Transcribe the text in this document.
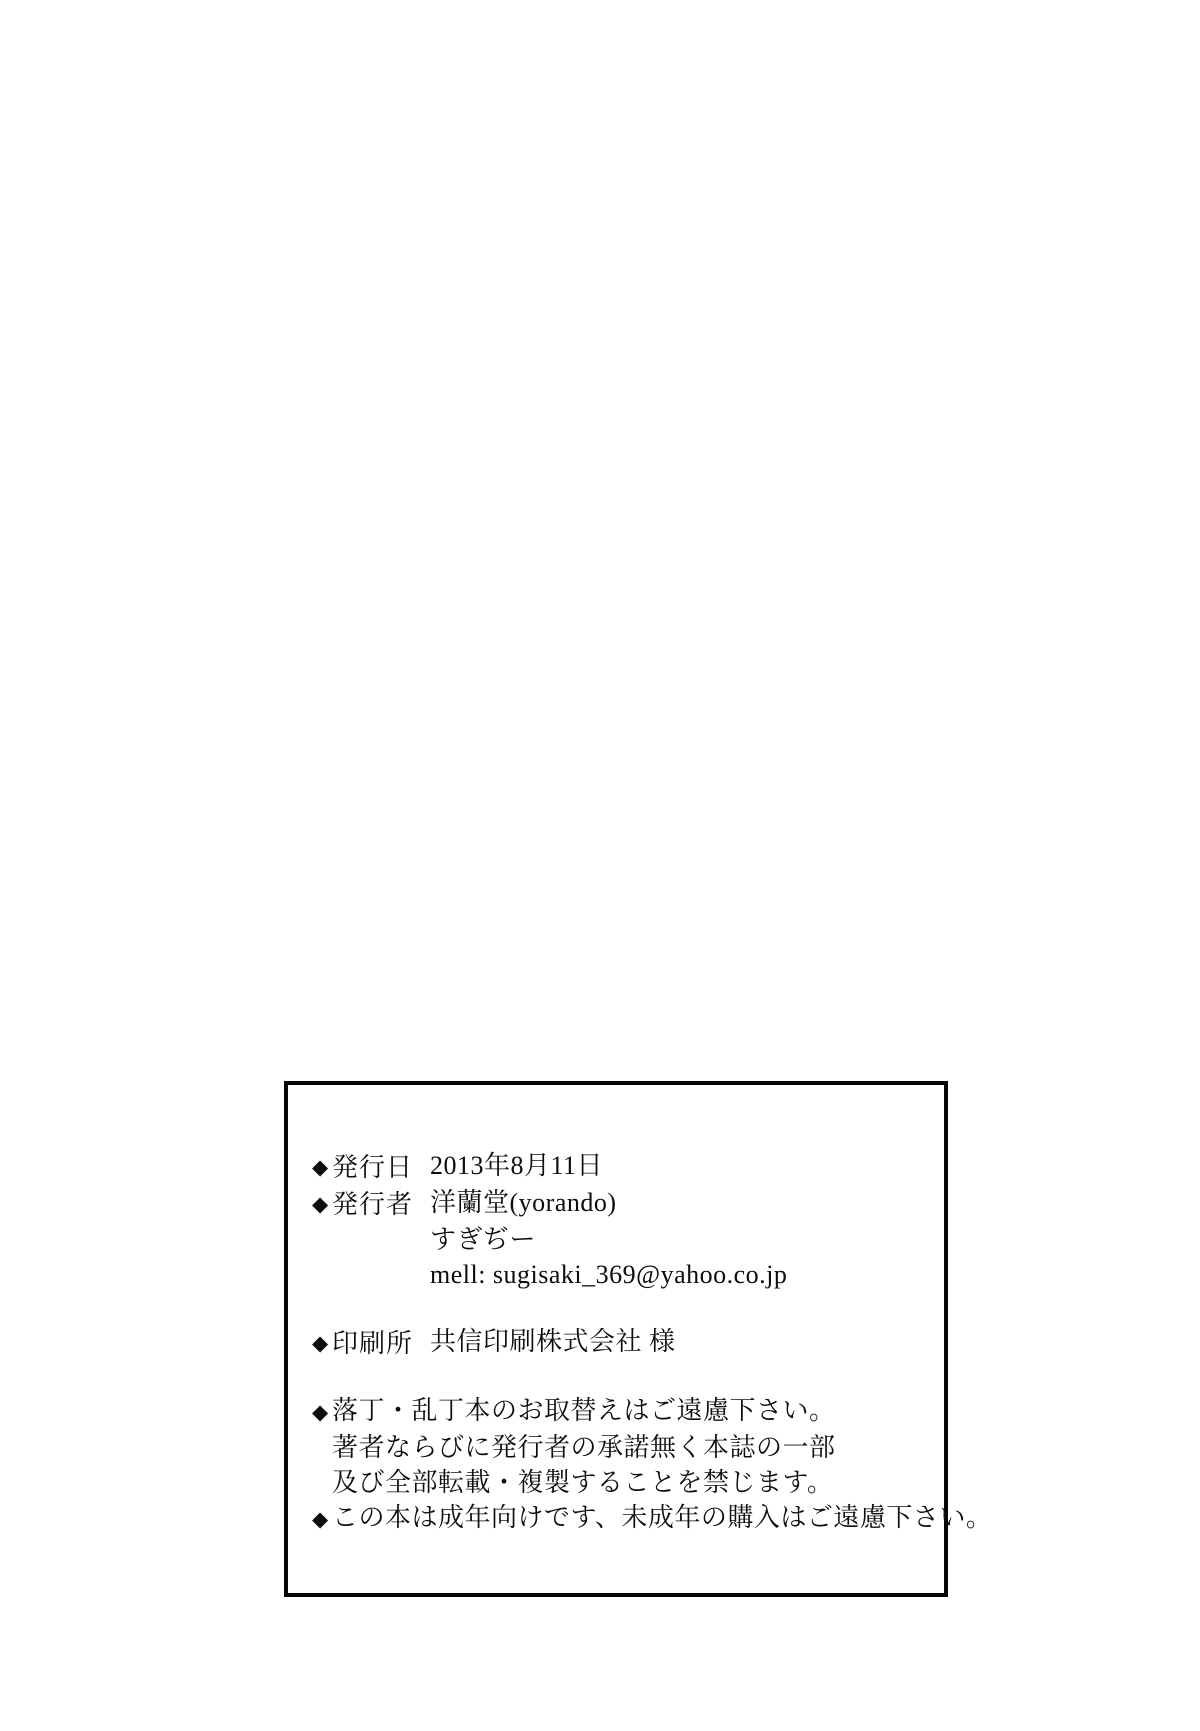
◆ 発行日 2013年8月11日
◆ 発行者 洋蘭堂(yorando)
すぎぢー
mell: sugisaki_369@yahoo.co.jp
◆ 印刷所 共信印刷株式会社 様
◆ 落丁・乱丁本のお取替えはご遠慮下さい。
著者ならびに発行者の承諾無く本誌の一部
及び全部転載・複製することを禁じます。
◆ この本は成年向けです、未成年の購入はご遠慮下さい。
